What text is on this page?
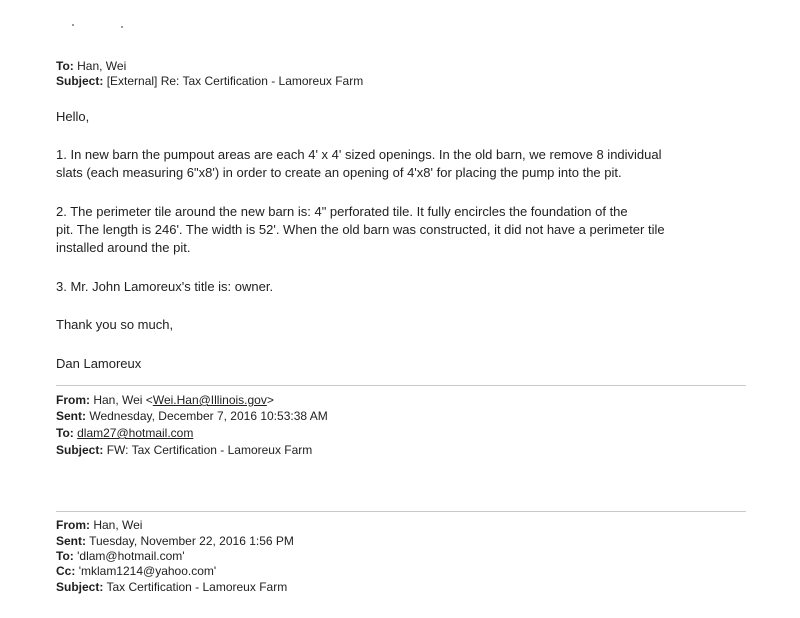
To: Han, Wei
Subject: [External] Re: Tax Certification - Lamoreux Farm
Hello,
1. In new barn the pumpout areas are each 4' x 4' sized openings. In the old barn, we remove 8 individual
slats (each measuring 6"x8') in order to create an opening of 4'x8' for placing the pump into the pit.
2. The perimeter tile around the new barn is: 4" perforated tile. It fully encircles the foundation of the
pit. The length is 246'. The width is 52'. When the old barn was constructed, it did not have a perimeter tile
installed around the pit.
3. Mr. John Lamoreux's title is: owner.
Thank you so much,
Dan Lamoreux
From: Han, Wei <Wei.Han@Illinois.gov>
Sent: Wednesday, December 7, 2016 10:53:38 AM
To: dlam27@hotmail.com
Subject: FW: Tax Certification - Lamoreux Farm
From: Han, Wei
Sent: Tuesday, November 22, 2016 1:56 PM
To: 'dlam@hotmail.com'
Cc: 'mklam1214@yahoo.com'
Subject: Tax Certification - Lamoreux Farm
